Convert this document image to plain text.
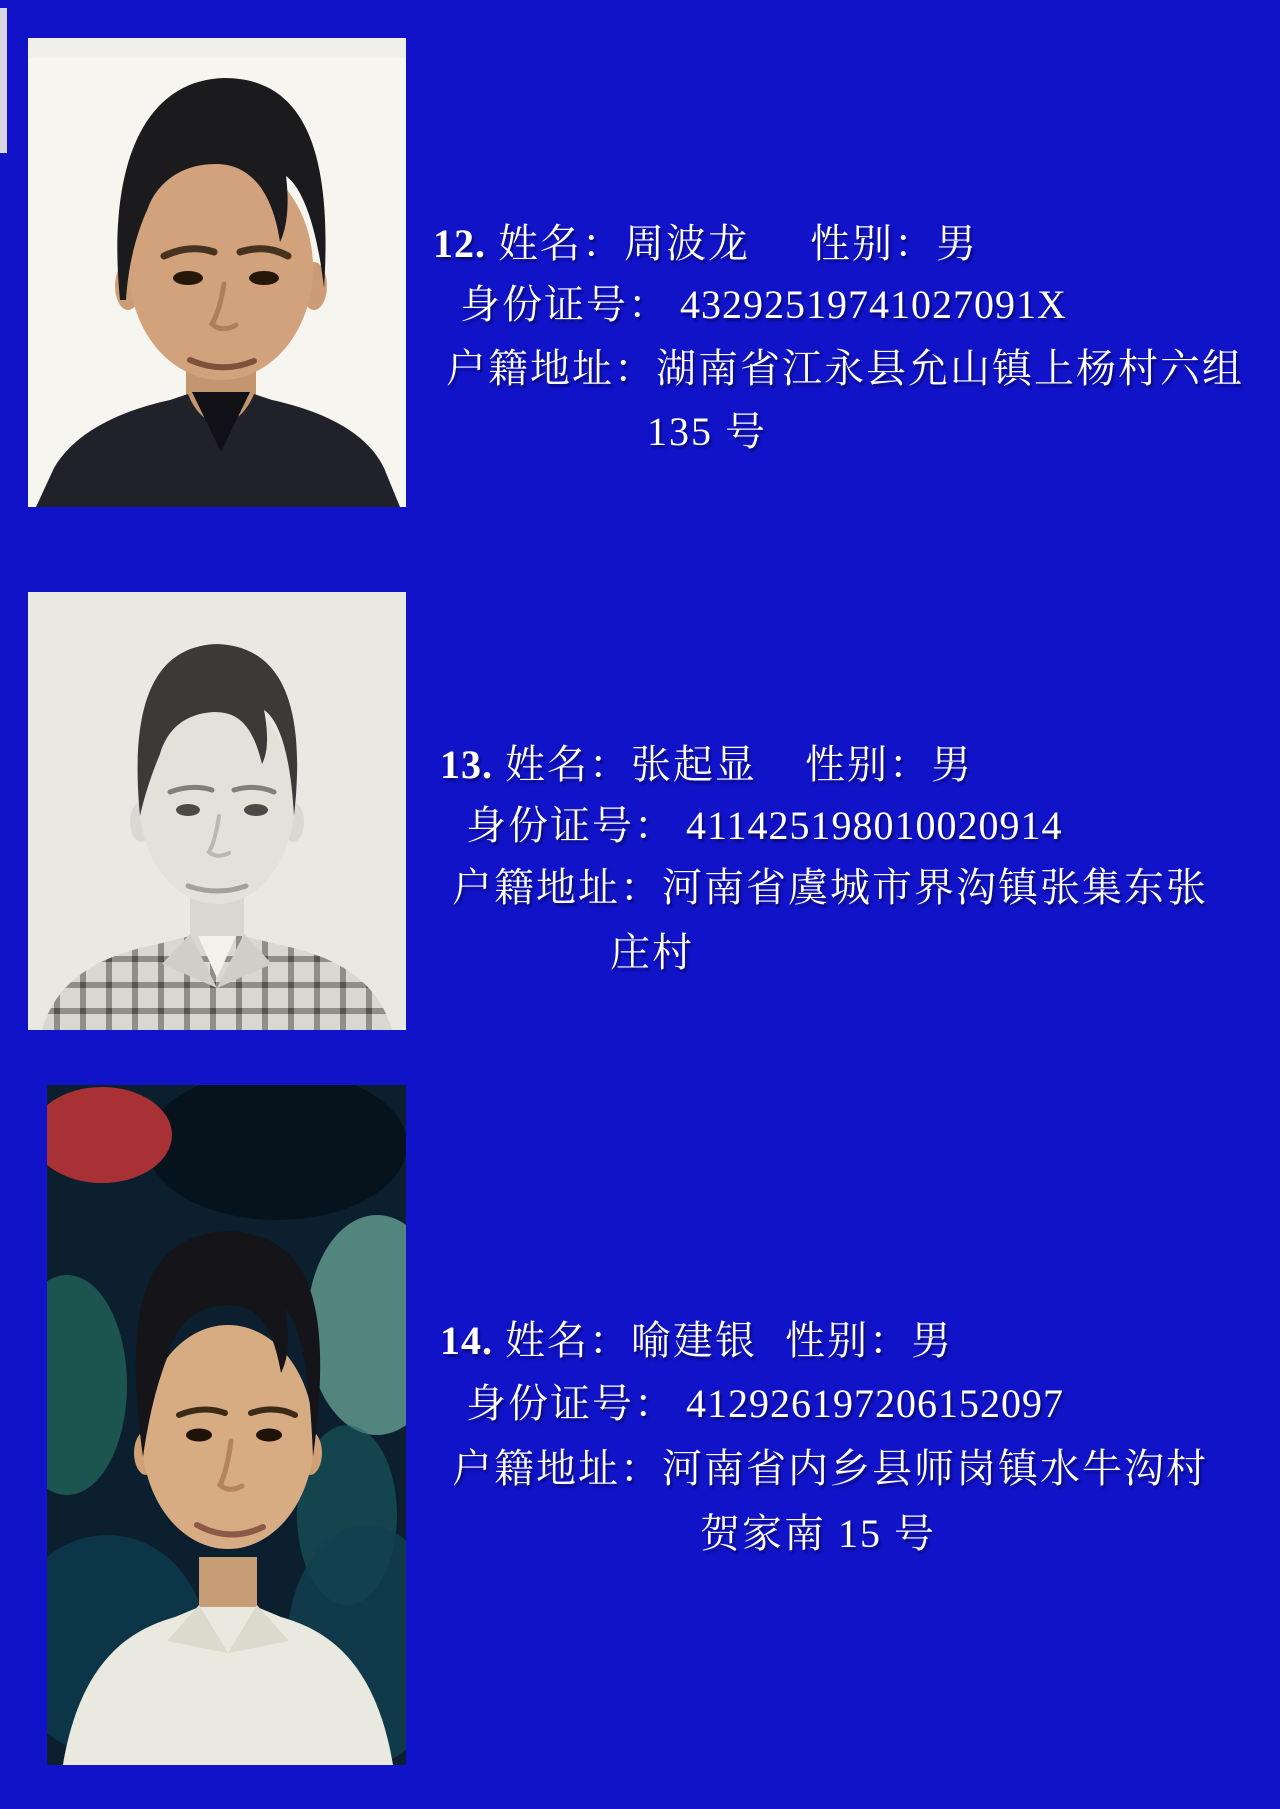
12. 姓名：周波龙 性别：男
身份证号： 43292519741027091X
户籍地址：湖南省江永县允山镇上杨村六组
135 号
13. 姓名：张起显 性别：男
身份证号： 411425198010020914
户籍地址：河南省虞城市界沟镇张集东张
庄村
14. 姓名：喻建银 性别：男
身份证号： 412926197206152097
户籍地址：河南省内乡县师岗镇水牛沟村
贺家南 15 号
